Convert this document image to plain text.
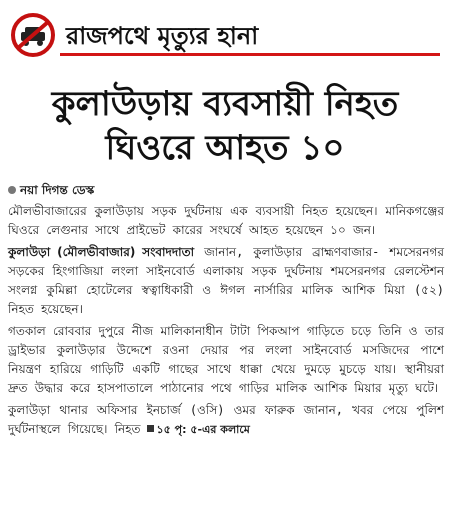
রাজপথে মৃত্যুর হানা
কুলাউড়ায় ব্যবসায়ী নিহত
ঘিওরে আহত ১০
নয়া দিগন্ত ডেস্ক

মৌলভীবাজারের কুলাউড়ায় সড়ক দুর্ঘটনায় এক ব্যবসায়ী নিহত হয়েছেন। মানিকগঞ্জের ঘিওরে লেগুনার সাথে প্রাইভেট কারের সংঘর্ষে আহত হয়েছেন ১০ জন।

কুলাউড়া (মৌলভীবাজার) সংবাদদাতা জানান, কুলাউড়ার ব্রাহ্মণবাজার- শমসেরনগর সড়কের হিংগাজিয়া লংলা সাইনবোর্ড এলাকায় সড়ক দুর্ঘটনায় শমসেরনগর রেলস্টেশন সংলগ্ন কুমিল্লা হোটেলের স্বত্বাধিকারী ও ঈগল নার্সারির মালিক আশিক মিয়া (৫২) নিহত হয়েছেন।

গতকাল রোববার দুপুরে নীজ মালিকানাধীন টাটা পিকআপ গাড়িতে চড়ে তিনি ও তার ড্রাইভার কুলাউড়ার উদ্দেশে রওনা দেয়ার পর লংলা সাইনবোর্ড মসজিদের পাশে নিয়ন্ত্রণ হারিয়ে গাড়িটি একটি গাছের সাথে ধাক্কা খেয়ে দুমড়ে মুচড়ে যায়। স্থানীয়রা দ্রুত উদ্ধার করে হাসপাতালে পাঠানোর পথে গাড়ির মালিক আশিক মিয়ার মৃত্যু ঘটে।

কুলাউড়া থানার অফিসার ইনচার্জ (ওসি) ওমর ফারুক জানান, খবর পেয়ে পুলিশ দুর্ঘটনাস্থলে গিয়েছে। নিহত ১৫ পৃ: ৫-এর কলামে
